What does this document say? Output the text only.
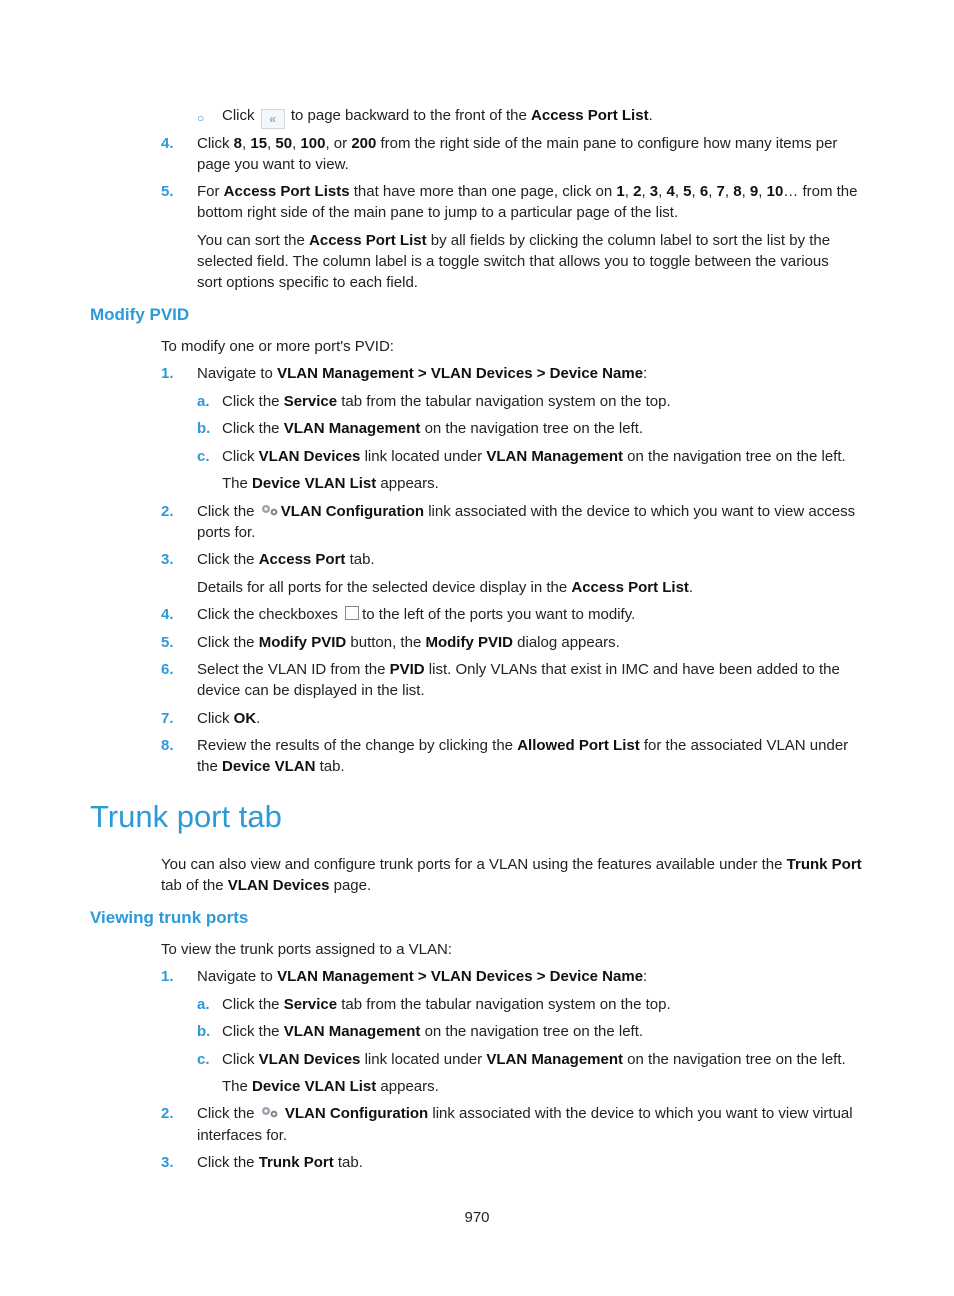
○ Click « to page backward to the front of the Access Port List.
4. Click 8, 15, 50, 100, or 200 from the right side of the main pane to configure how many items per
page you want to view.
5. For Access Port Lists that have more than one page, click on 1, 2, 3, 4, 5, 6, 7, 8, 9, 10… from the
bottom right side of the main pane to jump to a particular page of the list.
You can sort the Access Port List by all fields by clicking the column label to sort the list by the
selected field. The column label is a toggle switch that allows you to toggle between the various
sort options specific to each field.
Modify PVID
To modify one or more port's PVID:
1. Navigate to VLAN Management > VLAN Devices > Device Name:
a. Click the Service tab from the tabular navigation system on the top.
b. Click the VLAN Management on the navigation tree on the left.
c. Click VLAN Devices link located under VLAN Management on the navigation tree on the left.
The Device VLAN List appears.
2. Click the VLAN Configuration link associated with the device to which you want to view access
ports for.
3. Click the Access Port tab.
Details for all ports for the selected device display in the Access Port List.
4. Click the checkboxes to the left of the ports you want to modify.
5. Click the Modify PVID button, the Modify PVID dialog appears.
6. Select the VLAN ID from the PVID list. Only VLANs that exist in IMC and have been added to the
device can be displayed in the list.
7. Click OK.
8. Review the results of the change by clicking the Allowed Port List for the associated VLAN under
the Device VLAN tab.
Trunk port tab
You can also view and configure trunk ports for a VLAN using the features available under the Trunk Port
tab of the VLAN Devices page.
Viewing trunk ports
To view the trunk ports assigned to a VLAN:
1. Navigate to VLAN Management > VLAN Devices > Device Name:
a. Click the Service tab from the tabular navigation system on the top.
b. Click the VLAN Management on the navigation tree on the left.
c. Click VLAN Devices link located under VLAN Management on the navigation tree on the left.
The Device VLAN List appears.
2. Click the VLAN Configuration link associated with the device to which you want to view virtual
interfaces for.
3. Click the Trunk Port tab.
970
